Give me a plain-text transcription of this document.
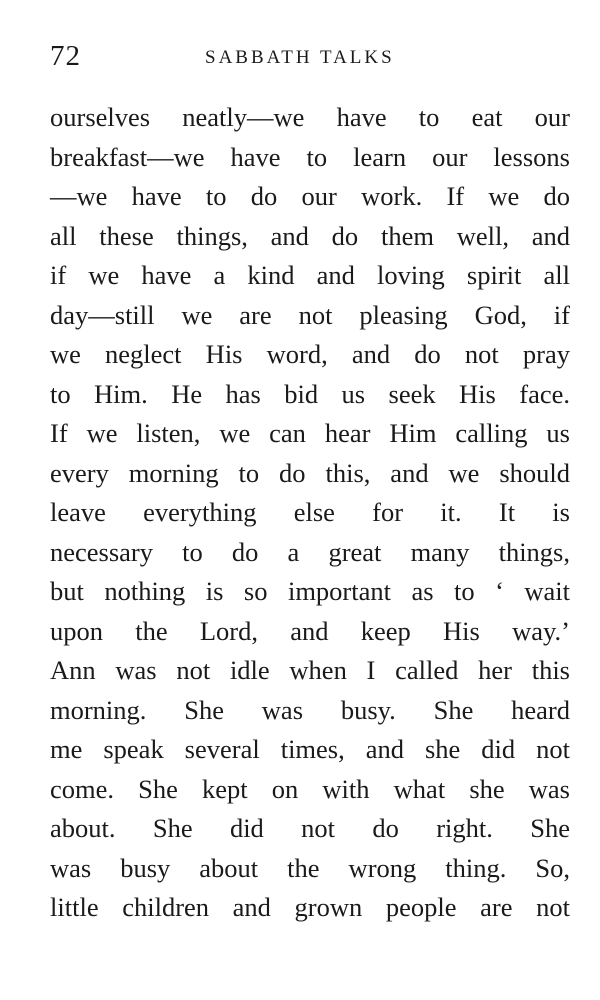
72	SABBATH TALKS
ourselves neatly—we have to eat our
breakfast—we have to learn our lessons
—we have to do our work. If we do
all these things, and do them well, and
if we have a kind and loving spirit all
day—still we are not pleasing God, if
we neglect His word, and do not pray
to Him. He has bid us seek His face.
If we listen, we can hear Him calling us
every morning to do this, and we should
leave everything else for it. It is
necessary to do a great many things,
but nothing is so important as to ‘ wait
upon the Lord, and keep His way.’
Ann was not idle when I called her this
morning. She was busy. She heard
me speak several times, and she did not
come. She kept on with what she was
about. She did not do right. She
was busy about the wrong thing. So,
little children and grown people are not
